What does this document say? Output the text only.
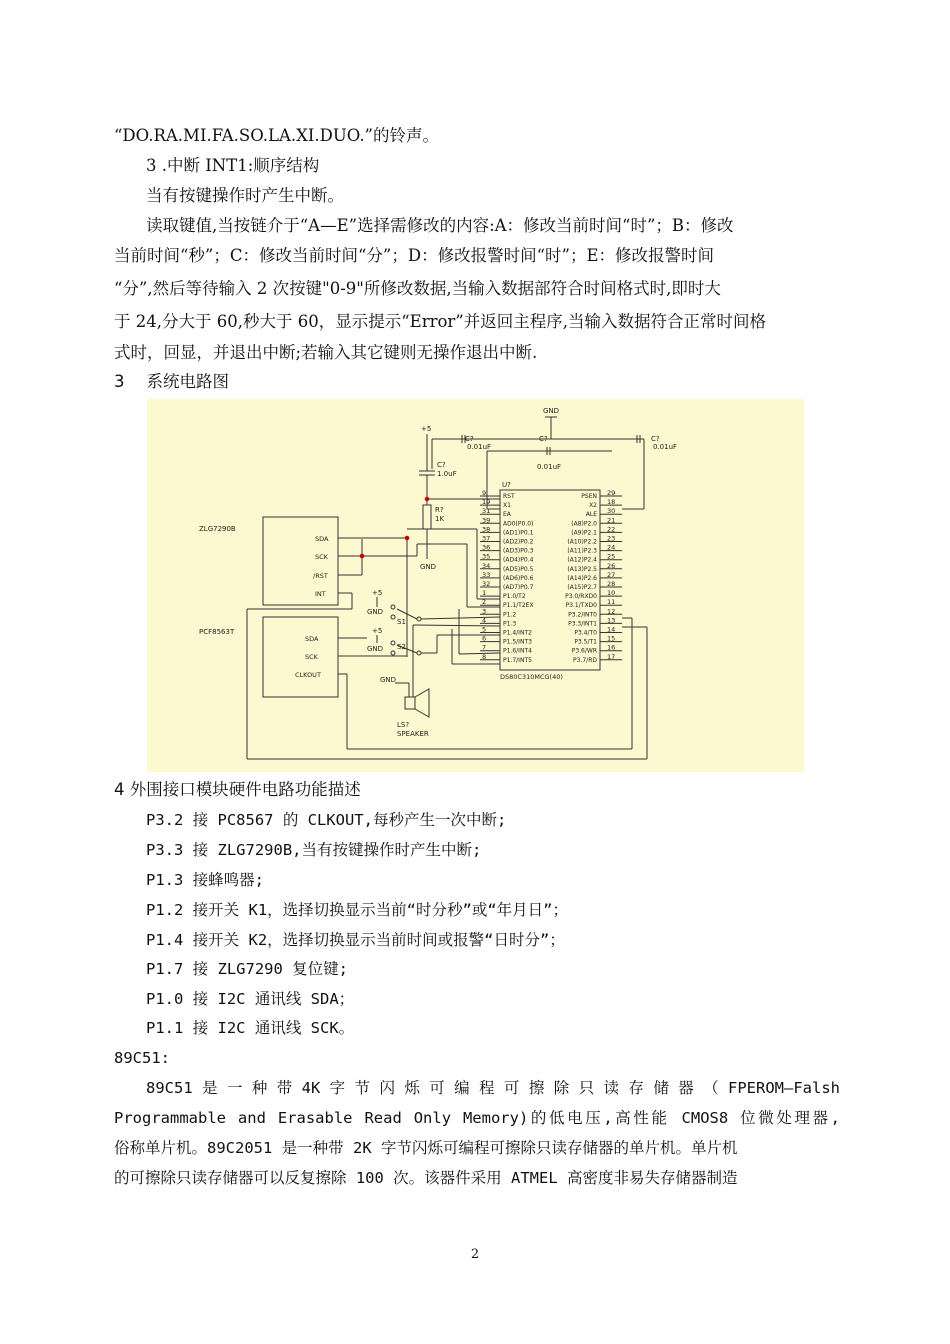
“DO.RA.MI.FA.SO.LA.XI.DUO.”的铃声。
3 .中断 INT1:顺序结构
当有按键操作时产生中断。
读取键值,当按链介于“A—E”选择需修改的内容:A：修改当前时间“时”；B：修改
当前时间“秒”；C：修改当前时间“分”；D：修改报警时间“时”；E：修改报警时间
“分”,然后等待输入 2 次按键"0-9"所修改数据,当输入数据部符合时间格式时,即时大
于 24,分大于 60,秒大于 60，显示提示“Error”并返回主程序,当输入数据符合正常时间格
式时，回显，并退出中断;若输入其它键则无操作退出中断.
3 系统电路图
ZLG7290B
SDA
SCK
/RST
INT
PCF8563T
SDA
SCK
CLKOUT
U?
DS80C310MCG(40)
9	RST
19 X1
31 EA
39 AD0(P0.0)
38 (AD1)P0.1
37 (AD2)P0.2
36 (AD3)P0.3
35 (AD4)P0.4
34 (AD5)P0.5
33 (AD6)P0.6
32 (AD7)P0.7
1	P1.0/T2
2	P1.1/T2EX
3	P1.2
4	P1.3
5	P1.4/INT2
6	P1.5/INT3
7	P1.6/INT4
8	P1.7/INT5
29
PSEN
18
X2
30
ALE
21
(A8)P2.0
22
(A9)P2.1
23
(A10)P2.2
24
(A11)P2.3
25
(A12)P2.4
26
(A13)P2.5
27
(A14)P2.6
28
(A15)P2.7
10
P3.0/RXD0
11
P3.1/TXD0
12
P3.2/INT0
13
P3.3/INT1
14
P3.4/T0
15
P3.5/T1
16
P3.6/WR
17
P3.7/RD
GND
C?
0.01uF
C?
0.01uF
C?
0.01uF
+5
C?
1.0uF
R?
1K
GND
+5
GND
S1
+5
GND S2
GND
LS?
SPEAKER
4 外围接口模块硬件电路功能描述
P3.2 接 PC8567 的 CLKOUT,每秒产生一次中断;
P3.3 接 ZLG7290B,当有按键操作时产生中断;
P1.3 接蜂鸣器;
P1.2 接开关 K1，选择切换显示当前“时分秒”或“年月日”；
P1.4 接开关 K2，选择切换显示当前时间或报警“日时分”；
P1.7 接 ZLG7290 复位键;
P1.0 接 I2C 通讯线 SDA；
P1.1 接 I2C 通讯线 SCK。
89C51:
89C51 是 一 种 带 4K 字 节 闪 烁 可 编 程 可 擦 除 只 读 存 储 器 （ FPEROM—Falsh
Programmable and Erasable Read Only Memory)的低电压,高性能 CMOS8 位微处理器,
俗称单片机。89C2051 是一种带 2K 字节闪烁可编程可擦除只读存储器的单片机。单片机
的可擦除只读存储器可以反复擦除 100 次。该器件采用 ATMEL 高密度非易失存储器制造
2
